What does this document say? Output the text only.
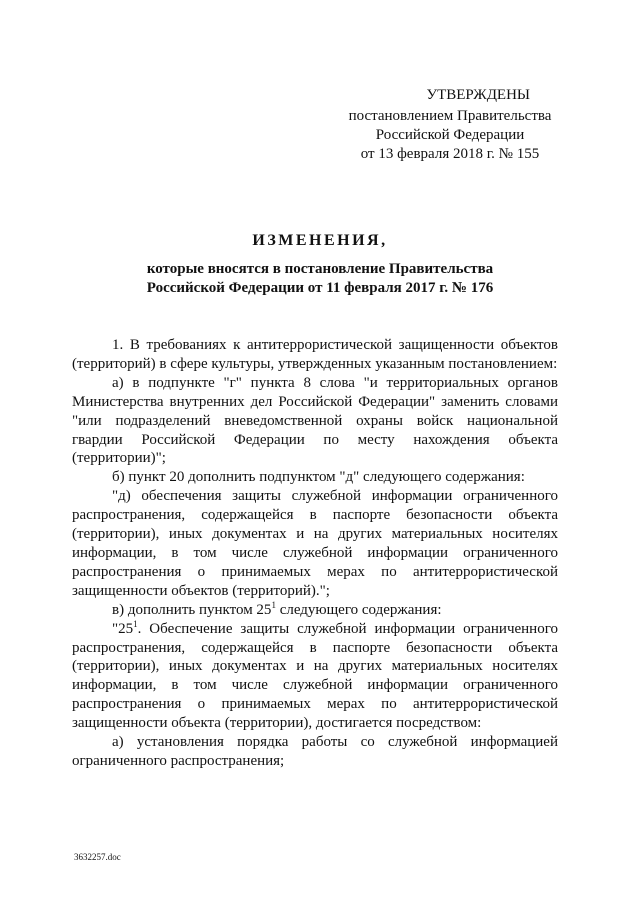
УТВЕРЖДЕНЫ
постановлением Правительства
Российской Федерации
от 13 февраля 2018 г. № 155
ИЗМЕНЕНИЯ,
которые вносятся в постановление Правительства
Российской Федерации от 11 февраля 2017 г. № 176

1. В требованиях к антитеррористической защищенности объектов (территорий) в сфере культуры, утвержденных указанным постановлением:

а) в подпункте "г" пункта 8 слова "и территориальных органов Министерства внутренних дел Российской Федерации" заменить словами "или подразделений вневедомственной охраны войск национальной гвардии Российской Федерации по месту нахождения объекта (территории)";

б) пункт 20 дополнить подпунктом "д" следующего содержания:

"д) обеспечения защиты служебной информации ограниченного распространения, содержащейся в паспорте безопасности объекта (территории), иных документах и на других материальных носителях информации, в том числе служебной информации ограниченного распространения о принимаемых мерах по антитеррористической защищенности объектов (территорий).";

в) дополнить пунктом $25^1$ следующего содержания:

"$25^1$. Обеспечение защиты служебной информации ограниченного распространения, содержащейся в паспорте безопасности объекта (территории), иных документах и на других материальных носителях информации, в том числе служебной информации ограниченного распространения о принимаемых мерах по антитеррористической защищенности объекта (территории), достигается посредством:

а) установления порядка работы со служебной информацией ограниченного распространения;

3632257.doc
